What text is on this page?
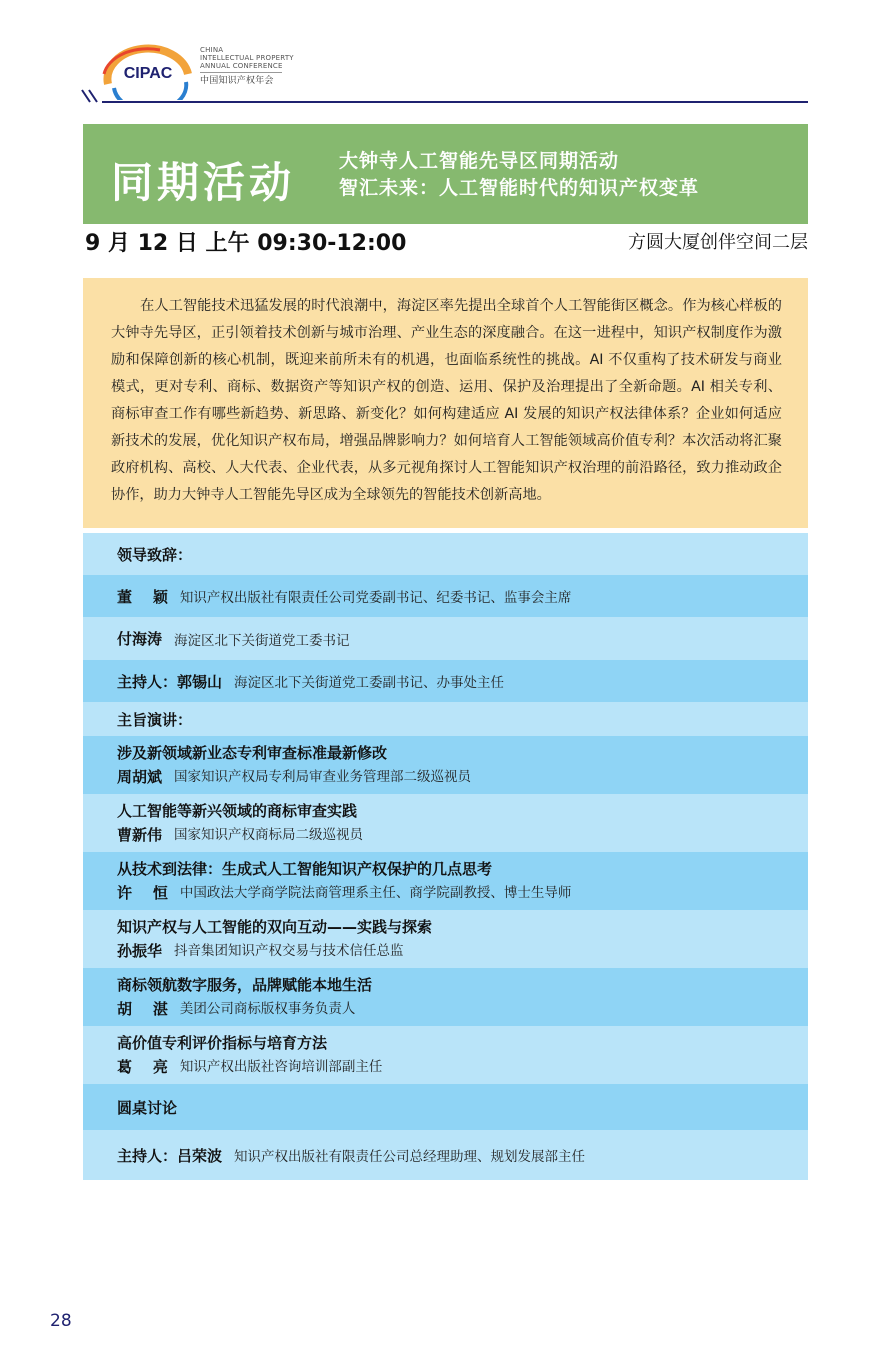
CIPAC
CHINA
INTELLECTUAL PROPERTY
ANNUAL CONFERENCE
中国知识产权年会
同期活动 大钟寺人工智能先导区同期活动
智汇未来：人工智能时代的知识产权变革
9 月 12 日 上午 09:30-12:00	方圆大厦创伴空间二层
在人工智能技术迅猛发展的时代浪潮中，海淀区率先提出全球首个人工智能街区概念。作为核心样板的大钟寺先导区，正引领着技术创新与城市治理、产业生态的深度融合。在这一进程中，知识产权制度作为激励和保障创新的核心机制，既迎来前所未有的机遇，也面临系统性的挑战。AI 不仅重构了技术研发与商业模式，更对专利、商标、数据资产等知识产权的创造、运用、保护及治理提出了全新命题。AI 相关专利、商标审查工作有哪些新趋势、新思路、新变化？如何构建适应 AI 发展的知识产权法律体系？企业如何适应新技术的发展，优化知识产权布局，增强品牌影响力？如何培育人工智能领域高价值专利？本次活动将汇聚政府机构、高校、人大代表、企业代表，从多元视角探讨人工智能知识产权治理的前沿路径，致力推动政企协作，助力大钟寺人工智能先导区成为全球领先的智能技术创新高地。
领导致辞：
董    颖 知识产权出版社有限责任公司党委副书记、纪委书记、监事会主席
付海涛 海淀区北下关街道党工委书记
主持人： 郭锡山 海淀区北下关街道党工委副书记、办事处主任
主旨演讲：
涉及新领域新业态专利审查标准最新修改
周胡斌 国家知识产权局专利局审查业务管理部二级巡视员
人工智能等新兴领域的商标审查实践
曹新伟 国家知识产权商标局二级巡视员
从技术到法律：生成式人工智能知识产权保护的几点思考
许    恒 中国政法大学商学院法商管理系主任、商学院副教授、博士生导师
知识产权与人工智能的双向互动——实践与探索
孙振华 抖音集团知识产权交易与技术信任总监
商标领航数字服务，品牌赋能本地生活
胡    湛 美团公司商标版权事务负责人
高价值专利评价指标与培育方法
葛    亮 知识产权出版社咨询培训部副主任
圆桌讨论
主持人： 吕荣波 知识产权出版社有限责任公司总经理助理、规划发展部主任
28
